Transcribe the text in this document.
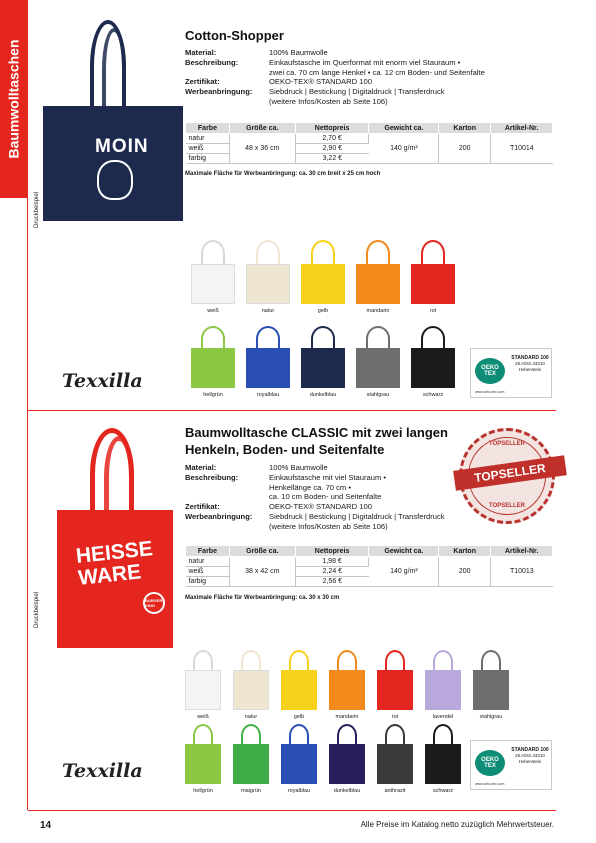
Baumwolltaschen
Druckbeispiel
MOIN
Cotton-Shopper
Material:	100% Baumwolle
Beschreibung:	Einkaufstasche im Querformat mit enorm viel Stauraum •
zwei ca. 70 cm lange Henkel • ca. 12 cm Boden- und Seitenfalte
Zertifikat:	OEKO-TEX® STANDARD 100
Werbeanbringung:	Siebdruck | Bestickung | Digitaldruck | Transferdruck
(weitere Infos/Kosten ab Seite 106)
Farbe	Größe ca.	Nettopreis	Gewicht ca.	Karton	Artikel-Nr.
natur	48 x 36 cm	2,70 €	140 g/m²	200	T10014
weiß		2,90 €			
farbig		3,22 €			
Maximale Fläche für Werbeanbringung: ca. 30 cm breit x 25 cm hoch
weiß	natur	gelb	mandarin	rot
hellgrün	royalblau	dunkelblau	stahlgrau	schwarz
Texxilla
OEKO TEX
STANDARD 100
25.HOS.43310
Hohenstein
www.oeko-tex.com
Druckbeispiel
HEISSE
WARE
BURGER KING
Baumwolltasche CLASSIC mit zwei langen
Henkeln, Boden- und Seitenfalte
Material:	100% Baumwolle
Beschreibung:	Einkaufstasche mit viel Stauraum •
Henkellänge ca. 70 cm •
ca. 10 cm Boden- und Seitenfalte
Zertifikat:	OEKO-TEX® STANDARD 100
Werbeanbringung:	Siebdruck | Bestickung | Digitaldruck | Transferdruck
(weitere Infos/Kosten ab Seite 106)
TOPSELLER
TOPSELLER
TOPSELLER
Farbe	Größe ca.	Nettopreis	Gewicht ca.	Karton	Artikel-Nr.
natur	38 x 42 cm	1,98 €	140 g/m²	200	T10013
weiß		2,24 €			
farbig		2,56 €			
Maximale Fläche für Werbeanbringung: ca. 30 x 30 cm
weiß	natur	gelb	mandarin	rot	lavendel	stahlgrau
hellgrün	maigrün	royalblau	dunkelblau	anthrazit	schwarz
Texxilla	OEKO TEX
STANDARD 100
25.HOS.43310
Hohenstein
www.oeko-tex.com
14	Alle Preise im Katalog netto zuzüglich Mehrwertsteuer.
